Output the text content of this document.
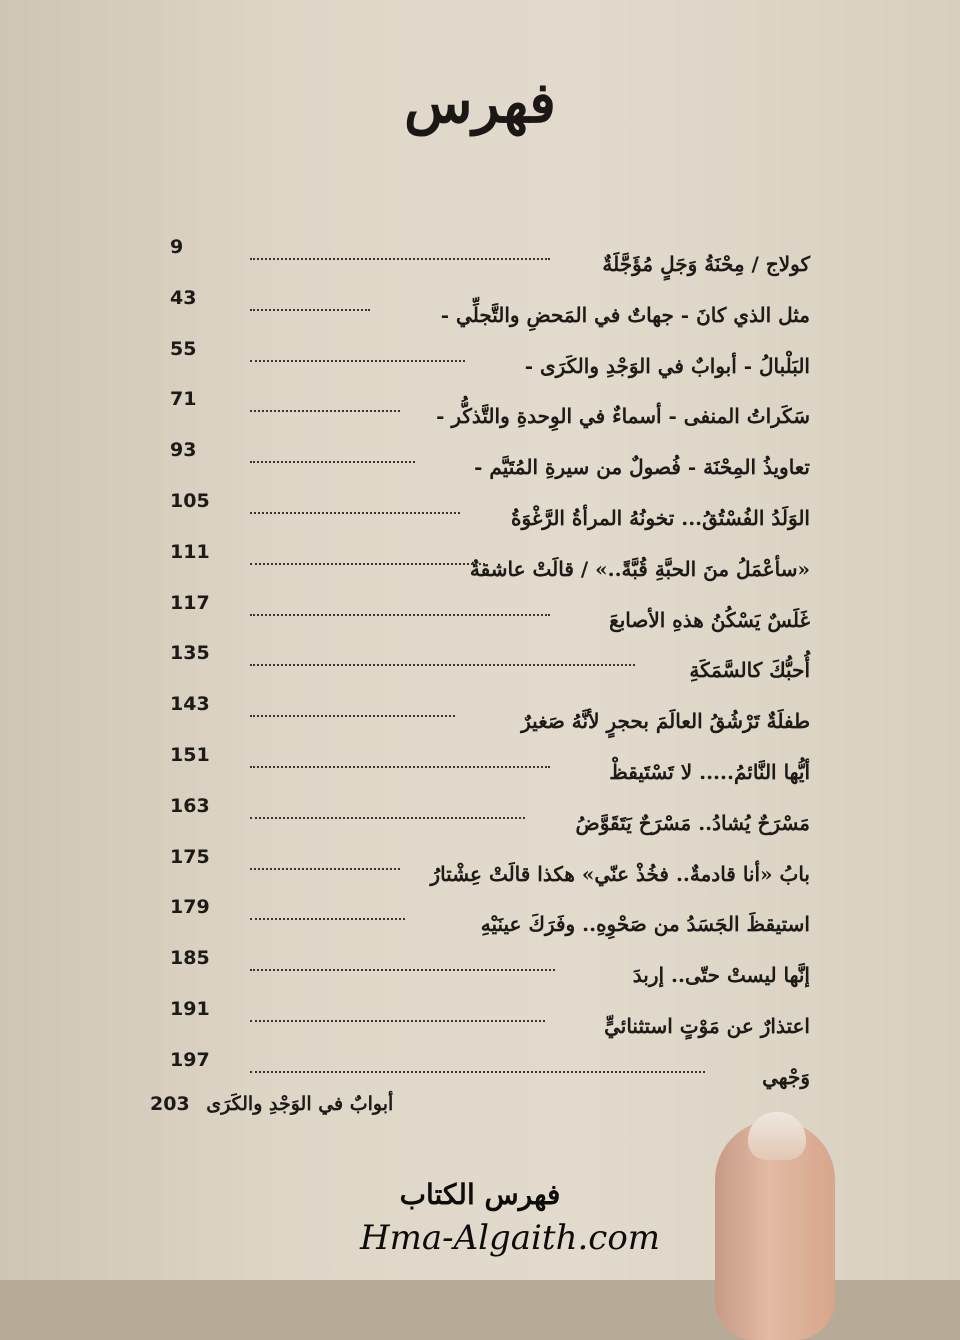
فهرس
كولاج / مِحْنَةُ وَجَلٍ مُؤَجَّلَةٌ
9
مثل الذي كانَ - جهاتٌ في المَحضِ والتَّجلِّي -
43
البَلْبالُ - أبوابٌ في الوَجْدِ والكَرَى -
55
سَكَراتُ المنفى - أسماءٌ في الوِحدةِ والتَّذكُّر -
71
تعاويذُ المِحْنَة - فُصولٌ من سيرةِ المُتَيَّم -
93
الوَلَدُ الفُسْتُقُ... تخونُهُ المرأةُ الرَّغْوَةُ
105
«سأعْمَلُ منَ الحبَّةِ قُبَّةً..» / قالَتْ عاشقةٌ
111
غَلَسٌ يَسْكُنُ هذهِ الأصابعَ
117
أُحبُّكَ كالسَّمَكَةِ
135
طفلَةٌ تَرْشُقُ العالَمَ بحجرٍ لأنَّهُ صَغيرٌ
143
أيُّها النَّائمُ..... لا تَسْتَيقظْ
151
مَسْرَحٌ يُشادُ.. مَسْرَحٌ يَتَقَوَّضُ
163
بابُ «أنا قادمةٌ.. فخُذْ عنّي» هكذا قالَتْ عِشْتارُ
175
استيقظَ الجَسَدُ من صَحْوِهِ.. وفَرَكَ عينَيْهِ
179
إنَّها ليستْ حتّى.. إربدَ
185
اعتذارٌ عن مَوْتٍ استثنائيٍّ
191
وَجْهي
197
أبوابٌ في الوَجْدِ والكَرَى 203
فهرس الكتاب
Hma-Algaith.com
